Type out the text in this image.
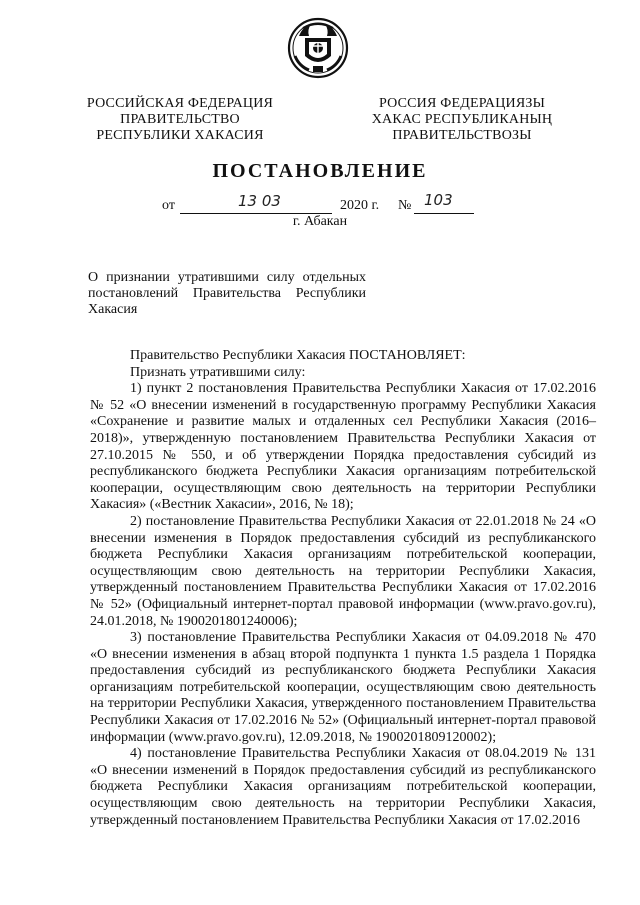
РОССИЙСКАЯ ФЕДЕРАЦИЯ
ПРАВИТЕЛЬСТВО
РЕСПУБЛИКИ ХАКАСИЯ
РОССИЯ ФЕДЕРАЦИЯЗЫ
ХАКАС РЕСПУБЛИКАНЫҢ
ПРАВИТЕЛЬСТВОЗЫ
ПОСТАНОВЛЕНИЕ
от	13 03	2020 г. № 103
г. Абакан
О признании утратившими силу отдельных постановлений Правительства Республики Хакасия

Правительство Республики Хакасия ПОСТАНОВЛЯЕТ:

Признать утратившими силу:

1) пункт 2 постановления Правительства Республики Хакасия от 17.02.2016 № 52 «О внесении изменений в государственную программу Республики Хакасия «Сохранение и развитие малых и отдаленных сел Республики Хакасия (2016– 2018)», утвержденную постановлением Правительства Республики Хакасия от 27.10.2015 № 550, и об утверждении Порядка предоставления субсидий из республиканского бюджета Республики Хакасия организациям потребительской кооперации, осуществляющим свою деятельность на территории Республики Хакасия» («Вестник Хакасии», 2016, № 18);

2) постановление Правительства Республики Хакасия от 22.01.2018 № 24 «О внесении изменения в Порядок предоставления субсидий из республиканского бюджета Республики Хакасия организациям потребительской кооперации, осуществляющим свою деятельность на территории Республики Хакасия, утвержденный постановлением Правительства Республики Хакасия от 17.02.2016 № 52» (Официальный интернет-портал правовой информации (www.pravo.gov.ru), 24.01.2018, № 1900201801240006);

3) постановление Правительства Республики Хакасия от 04.09.2018 № 470 «О внесении изменения в абзац второй подпункта 1 пункта 1.5 раздела 1 Порядка предоставления субсидий из республиканского бюджета Республики Хакасия организациям потребительской кооперации, осуществляющим свою деятельность на территории Республики Хакасия, утвержденного постановлением Правительства Республики Хакасия от 17.02.2016 № 52» (Официальный интернет-портал правовой информации (www.pravo.gov.ru), 12.09.2018, № 1900201809120002);

4) постановление Правительства Республики Хакасия от 08.04.2019 № 131 «О внесении изменений в Порядок предоставления субсидий из республиканского бюджета Республики Хакасия организациям потребительской кооперации, осуществляющим свою деятельность на территории Республики Хакасия, утвержденный постановлением Правительства Республики Хакасия от 17.02.2016
